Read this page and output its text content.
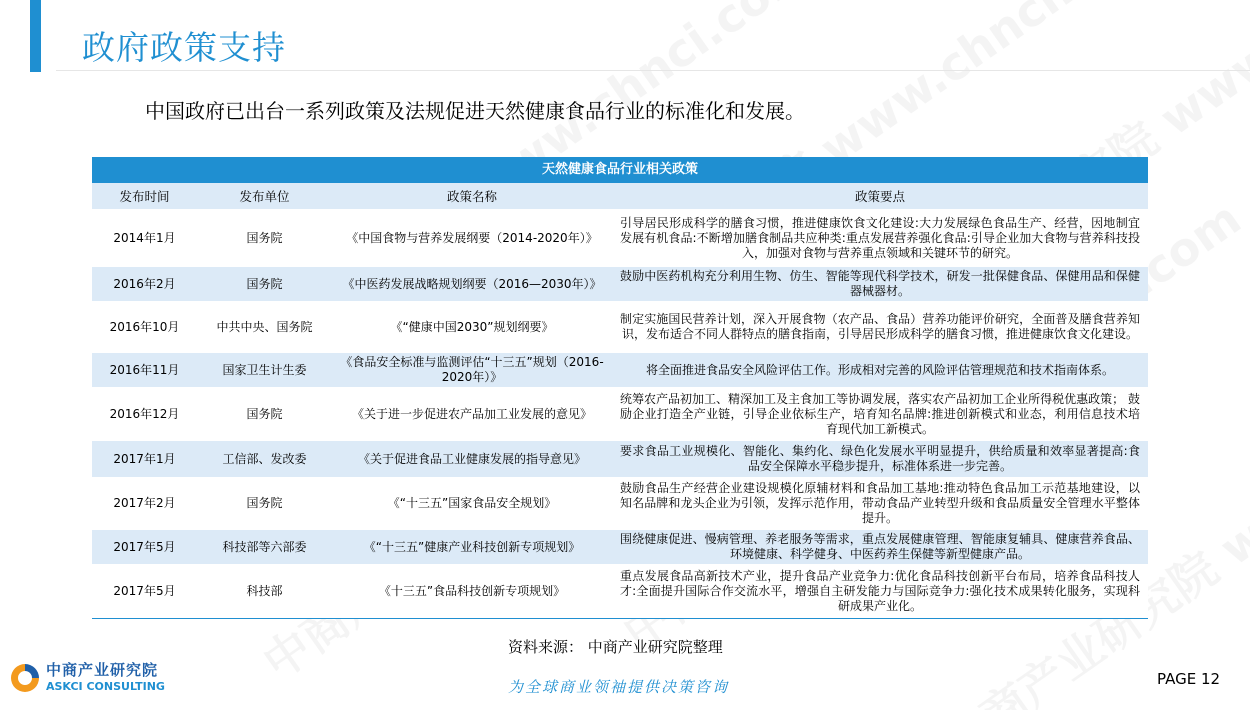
政府政策支持
中国政府已出台一系列政策及法规促进天然健康食品行业的标准化和发展。
天然健康食品行业相关政策
发布时间	发布单位	政策名称	政策要点
2014年1月	国务院	《中国食物与营养发展纲要（2014-2020年）》	引导居民形成科学的膳食习惯，推进健康饮食文化建设:大力发展绿色食品生产、经营，因地制宜发展有机食品:不断增加膳食制品共应种类:重点发展营养强化食品:引导企业加大食物与营养科技投入，加强对食物与营养重点领域和关键环节的研究。
2016年2月	国务院	《中医药发展战略规划纲要（2016—2030年）》	鼓励中医药机构充分利用生物、仿生、智能等现代科学技术，研发一批保健食品、保健用品和保健器械器材。
2016年10月	中共中央、国务院	《“健康中国2030”规划纲要》	制定实施国民营养计划，深入开展食物（农产品、食品）营养功能评价研究，全面普及膳食营养知识，发布适合不同人群特点的膳食指南，引导居民形成科学的膳食习惯，推进健康饮食文化建设。
2016年11月	国家卫生计生委	《食品安全标准与监测评估“十三五”规划（2016-2020年）》	将全面推进食品安全风险评估工作。形成相对完善的风险评估管理规范和技术指南体系。
2016年12月	国务院	《关于进一步促进农产品加工业发展的意见》	统筹农产品初加工、精深加工及主食加工等协调发展，落实农产品初加工企业所得税优惠政策； 鼓励企业打造全产业链，引导企业依标生产，培育知名品牌:推进创新模式和业态，利用信息技术培育现代加工新模式。
2017年1月	工信部、发改委	《关于促进食品工业健康发展的指导意见》	要求食品工业规模化、智能化、集约化、绿色化发展水平明显提升，供给质量和效率显著提高:食品安全保障水平稳步提升，标准体系进一步完善。
2017年2月	国务院	《“十三五”国家食品安全规划》	鼓励食品生产经营企业建设规模化原辅材料和食品加工基地:推动特色食品加工示范基地建设，以知名品牌和龙头企业为引领，发挥示范作用，带动食品产业转型升级和食品质量安全管理水平整体提升。
2017年5月	科技部等六部委	《“十三五”健康产业科技创新专项规划》	围绕健康促进、慢病管理、养老服务等需求，重点发展健康管理、智能康复辅具、健康营养食品、环境健康、科学健身、中医药养生保健等新型健康产品。
2017年5月	科技部	《十三五”食品科技创新专项规划》	重点发展食品高新技术产业，提升食品产业竞争力:优化食品科技创新平台布局，培养食品科技人才:全面提升国际合作交流水平，增强自主研发能力与国际竞争力:强化技术成果转化服务，实现科研成果产业化。
资料来源： 中商产业研究院整理
中商产业研究院
ASKCI CONSULTING	为全球商业领袖提供决策咨询	PAGE 12
